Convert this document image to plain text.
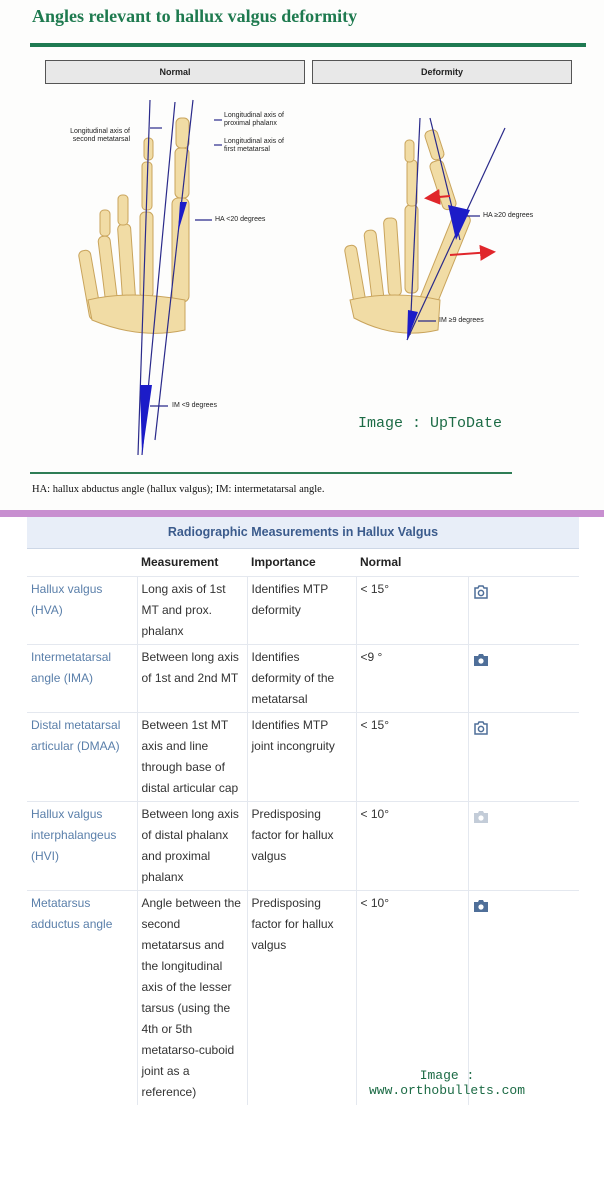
Angles relevant to hallux valgus deformity
Normal	Deformity
Longitudinal axis of
second metatarsal
Longitudinal axis of
proximal phalanx
Longitudinal axis of
first metatarsal
HA <20 degrees
IM <9 degrees
HA ≥20 degrees
IM ≥9 degrees
Image : UpToDate
HA: hallux abductus angle (hallux valgus); IM: intermetatarsal angle.
Radiographic Measurements in Hallux Valgus
	Measurement	Importance	Normal	
Hallux valgus (HVA)	Long axis of 1st MT and prox. phalanx	Identifies MTP deformity	< 15°	
Intermetatarsal angle (IMA)	Between long axis of 1st and 2nd MT	Identifies deformity of the metatarsal	<9 °	
Distal metatarsal articular (DMAA)	Between 1st MT axis and line through base of distal articular cap	Identifies MTP joint incongruity	< 15°	
Hallux valgus interphalangeus (HVI)	Between long axis of distal phalanx and proximal phalanx	Predisposing factor for hallux valgus	< 10°	
Metatarsus adductus angle	Angle between the second metatarsus and the longitudinal axis of the lesser tarsus (using the 4th or 5th metatarso-cuboid joint as a reference)	Predisposing factor for hallux valgus	< 10°	
Image :
www.orthobullets.com
